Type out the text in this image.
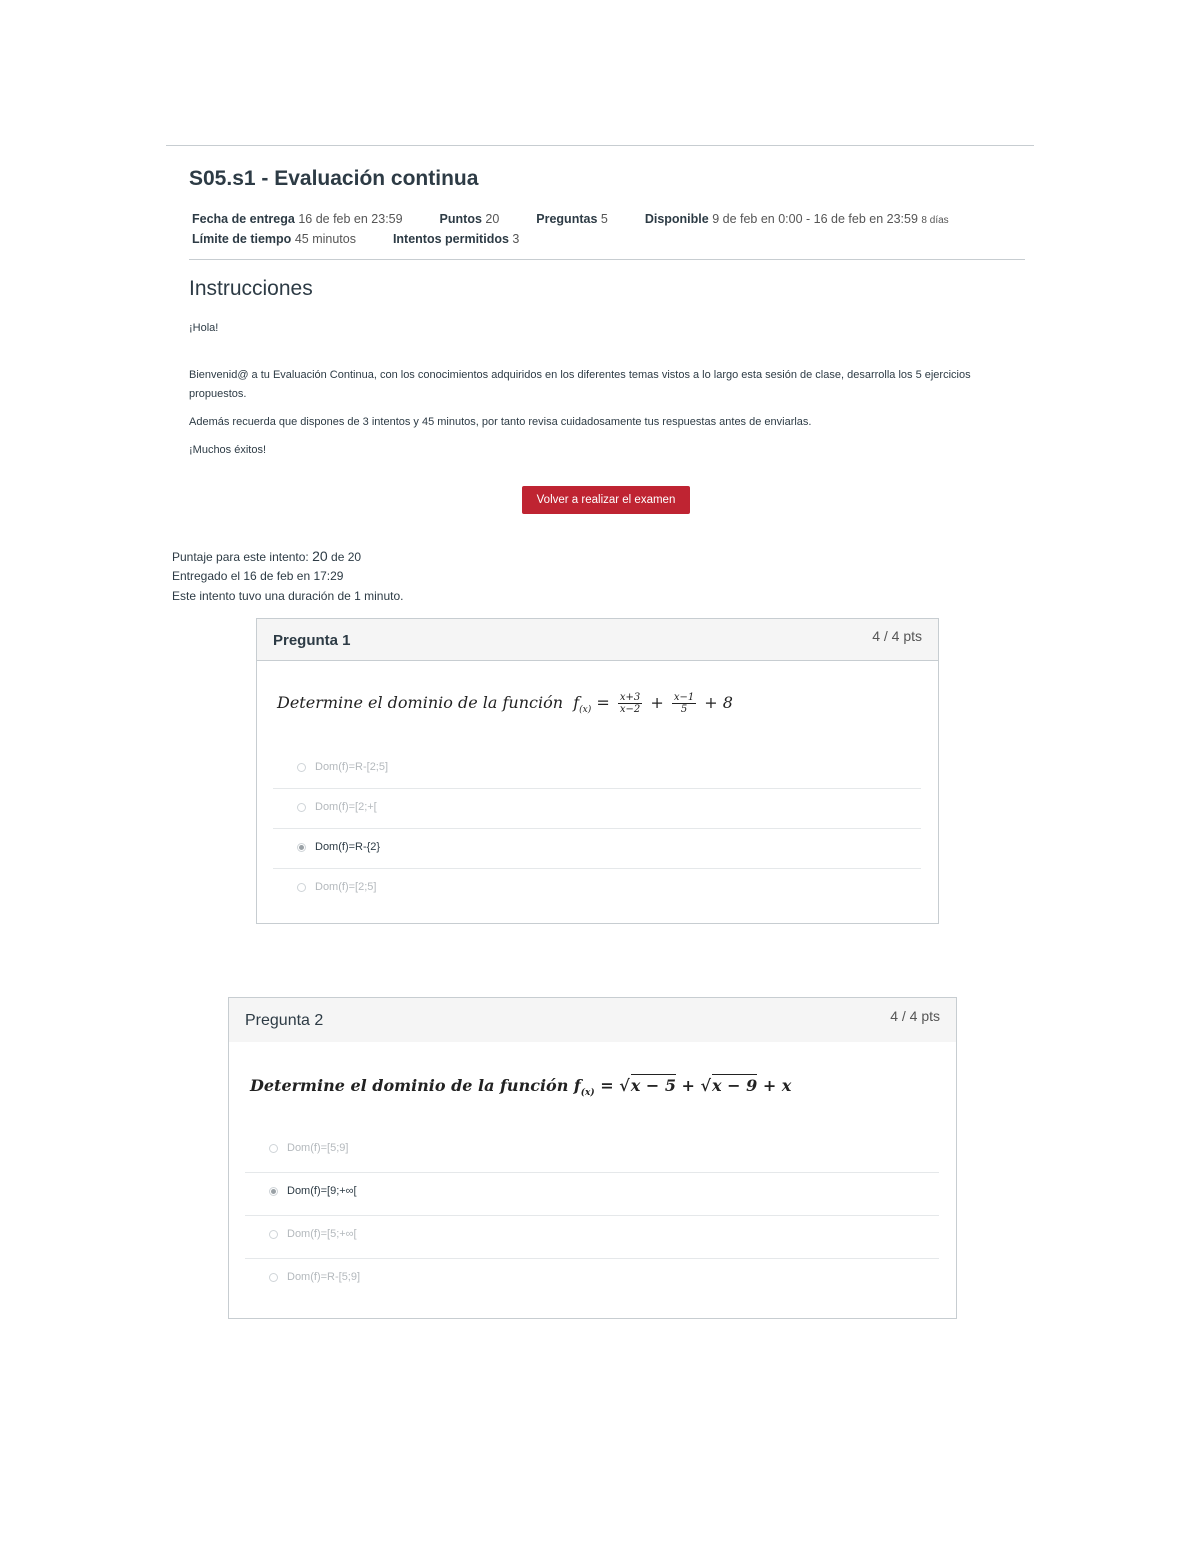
S05.s1 - Evaluación continua
Fecha de entrega 16 de feb en 23:59	Puntos 20	Preguntas 5	Disponible 9 de feb en 0:00 - 16 de feb en 23:59 8 días
Límite de tiempo 45 minutos	Intentos permitidos 3
Instrucciones

¡Hola!

Bienvenid@ a tu Evaluación Continua, con los conocimientos adquiridos en los diferentes temas vistos a lo largo esta sesión de clase, desarrolla los 5 ejercicios propuestos.

Además recuerda que dispones de 3 intentos y 45 minutos, por tanto revisa cuidadosamente tus respuestas antes de enviarlas.

¡Muchos éxitos!

Volver a realizar el examen
Puntaje para este intento: 20 de 20
Entregado el 16 de feb en 17:29
Este intento tuvo una duración de 1 minuto.
Pregunta 1	4 / 4 pts
Determine el dominio de la función  $f_{(x)} = \frac{x+3}{x-2} + \frac{x-1}{5} + 8$
Dom(f)=R-[2;5]
Dom(f)=[2;+[
Dom(f)=R-{2}
Dom(f)=[2;5]
Pregunta 2	4 / 4 pts
Determine el dominio de la función $f_{(x)} = √x - 5 + √x - 9 + x$
Dom(f)=[5;9]
Dom(f)=[9;+∞[
Dom(f)=[5;+∞[
Dom(f)=R-[5;9]
